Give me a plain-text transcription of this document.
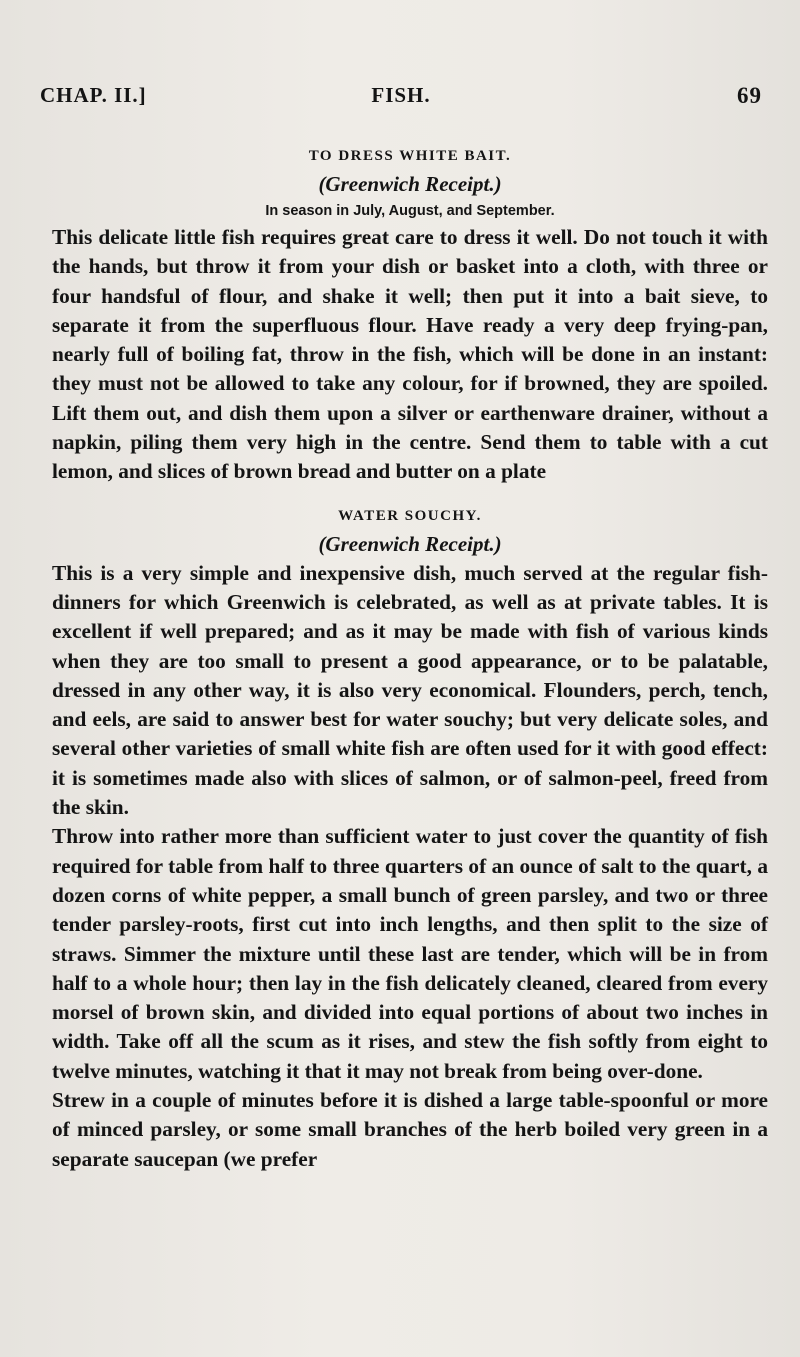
CHAP. II.]	FISH.	69

TO DRESS WHITE BAIT.

(Greenwich Receipt.)

In season in July, August, and September.

This delicate little fish requires great care to dress it well. Do not touch it with the hands, but throw it from your dish or basket into a cloth, with three or four handsful of flour, and shake it well; then put it into a bait sieve, to separate it from the superfluous flour. Have ready a very deep frying-pan, nearly full of boiling fat, throw in the fish, which will be done in an instant: they must not be allowed to take any colour, for if browned, they are spoiled. Lift them out, and dish them upon a silver or earthenware drainer, without a napkin, piling them very high in the centre. Send them to table with a cut lemon, and slices of brown bread and butter on a plate

WATER SOUCHY.

(Greenwich Receipt.)

This is a very simple and inexpensive dish, much served at the regular fish-dinners for which Greenwich is celebrated, as well as at private tables. It is excellent if well prepared; and as it may be made with fish of various kinds when they are too small to present a good appearance, or to be palatable, dressed in any other way, it is also very economical. Flounders, perch, tench, and eels, are said to answer best for water souchy; but very delicate soles, and several other varieties of small white fish are often used for it with good effect: it is sometimes made also with slices of salmon, or of salmon-peel, freed from the skin.

Throw into rather more than sufficient water to just cover the quantity of fish required for table from half to three quarters of an ounce of salt to the quart, a dozen corns of white pepper, a small bunch of green parsley, and two or three tender parsley-roots, first cut into inch lengths, and then split to the size of straws. Simmer the mixture until these last are tender, which will be in from half to a whole hour; then lay in the fish delicately cleaned, cleared from every morsel of brown skin, and divided into equal portions of about two inches in width. Take off all the scum as it rises, and stew the fish softly from eight to twelve minutes, watching it that it may not break from being over-done.

Strew in a couple of minutes before it is dished a large table-spoonful or more of minced parsley, or some small branches of the herb boiled very green in a separate saucepan (we prefer
